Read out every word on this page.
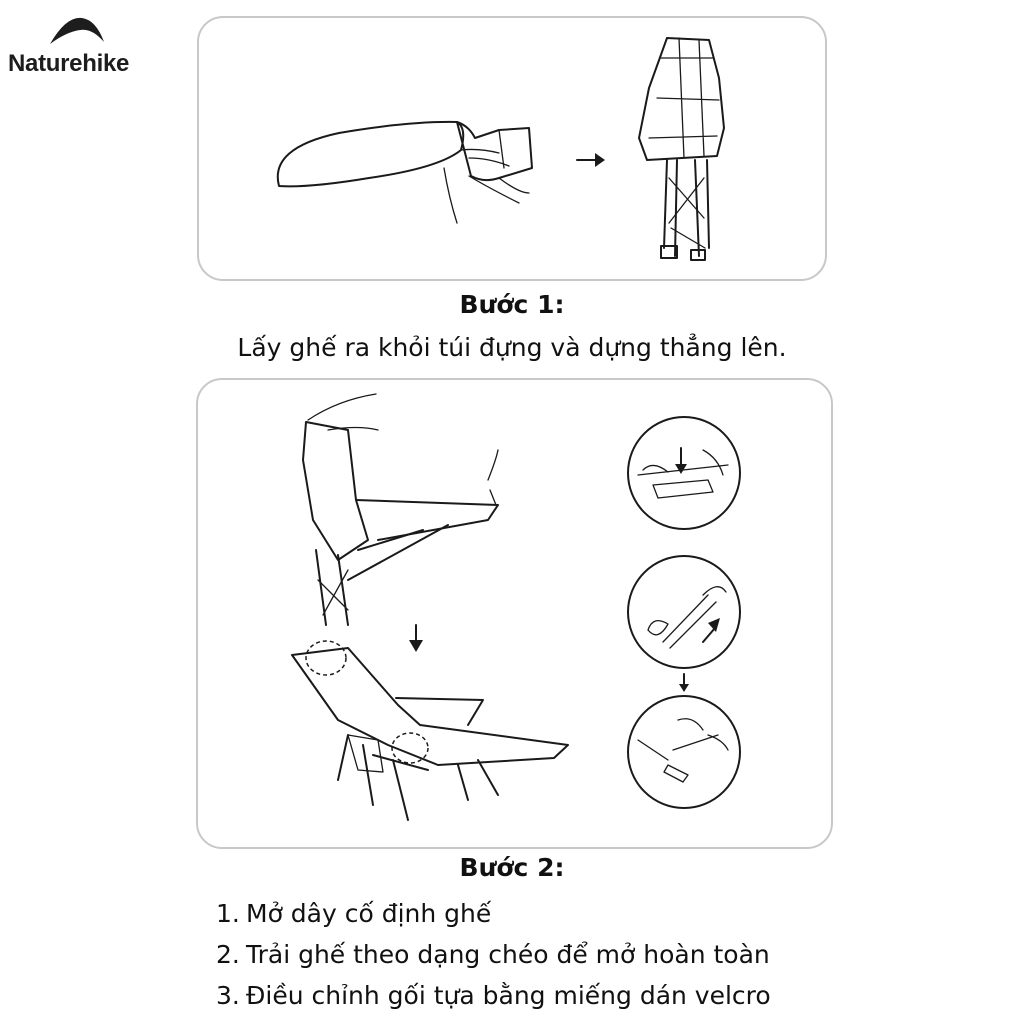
Naturehike
Bước 1:
Lấy ghế ra khỏi túi đựng và dựng thẳng lên.
Bước 2:
1. Mở dây cố định ghế
2. Trải ghế theo dạng chéo để mở hoàn toàn
3. Điều chỉnh gối tựa bằng miếng dán velcro
